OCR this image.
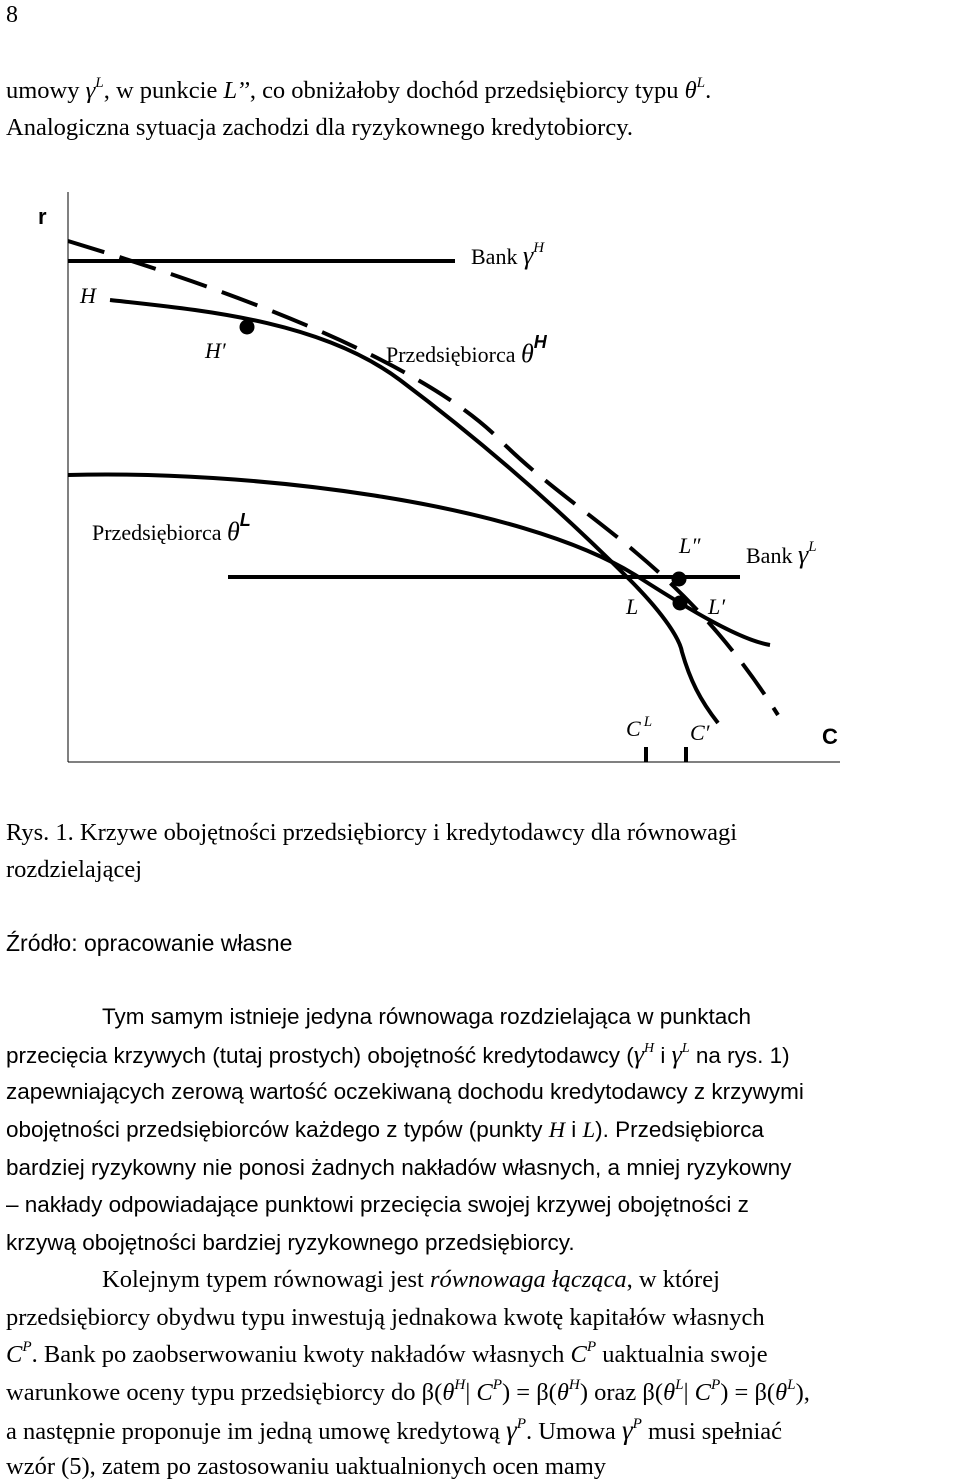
8
umowy $\gamma^L$, w punkcie L’’, co obniżałoby dochód przedsiębiorcy typu $\theta^L$.
Analogiczna sytuacja zachodzi dla ryzykownego kredytobiorcy.
r
C
Bank $\gamma^H$
H
H′	Przedsiębiorca $\theta^H$
Przedsiębiorca $\theta^L$
L″ Bank $\gamma^L$
L	L′
C $^L$ C′
Rys. 1. Krzywe obojętności przedsiębiorcy i kredytodawcy dla równowagi
rozdzielającej
Źródło: opracowanie własne
Tym samym istnieje jedyna równowaga rozdzielająca w punktach
przecięcia krzywych (tutaj prostych) obojętność kredytodawcy ($\gamma^H$ i $\gamma^L$ na rys. 1)
zapewniających zerową wartość oczekiwaną dochodu kredytodawcy z krzywymi
obojętności przedsiębiorców każdego z typów (punkty H i L). Przedsiębiorca
bardziej ryzykowny nie ponosi żadnych nakładów własnych, a mniej ryzykowny
– nakłady odpowiadające punktowi przecięcia swojej krzywej obojętności z
krzywą obojętności bardziej ryzykownego przedsiębiorcy.
Kolejnym typem równowagi jest równowaga łącząca, w której
przedsiębiorcy obydwu typu inwestują jednakowa kwotę kapitałów własnych
$C^P$. Bank po zaobserwowaniu kwoty nakładów własnych $C^P$ uaktualnia swoje
warunkowe oceny typu przedsiębiorcy do $\beta(\theta^H|$ $C^P) = \beta(\theta^H)$ oraz $\beta(\theta^L|$ $C^P) = \beta(\theta^L)$,
a następnie proponuje im jedną umowę kredytową $\gamma^P$. Umowa $\gamma^P$ musi spełniać
wzór (5), zatem po zastosowaniu uaktualnionych ocen mamy
